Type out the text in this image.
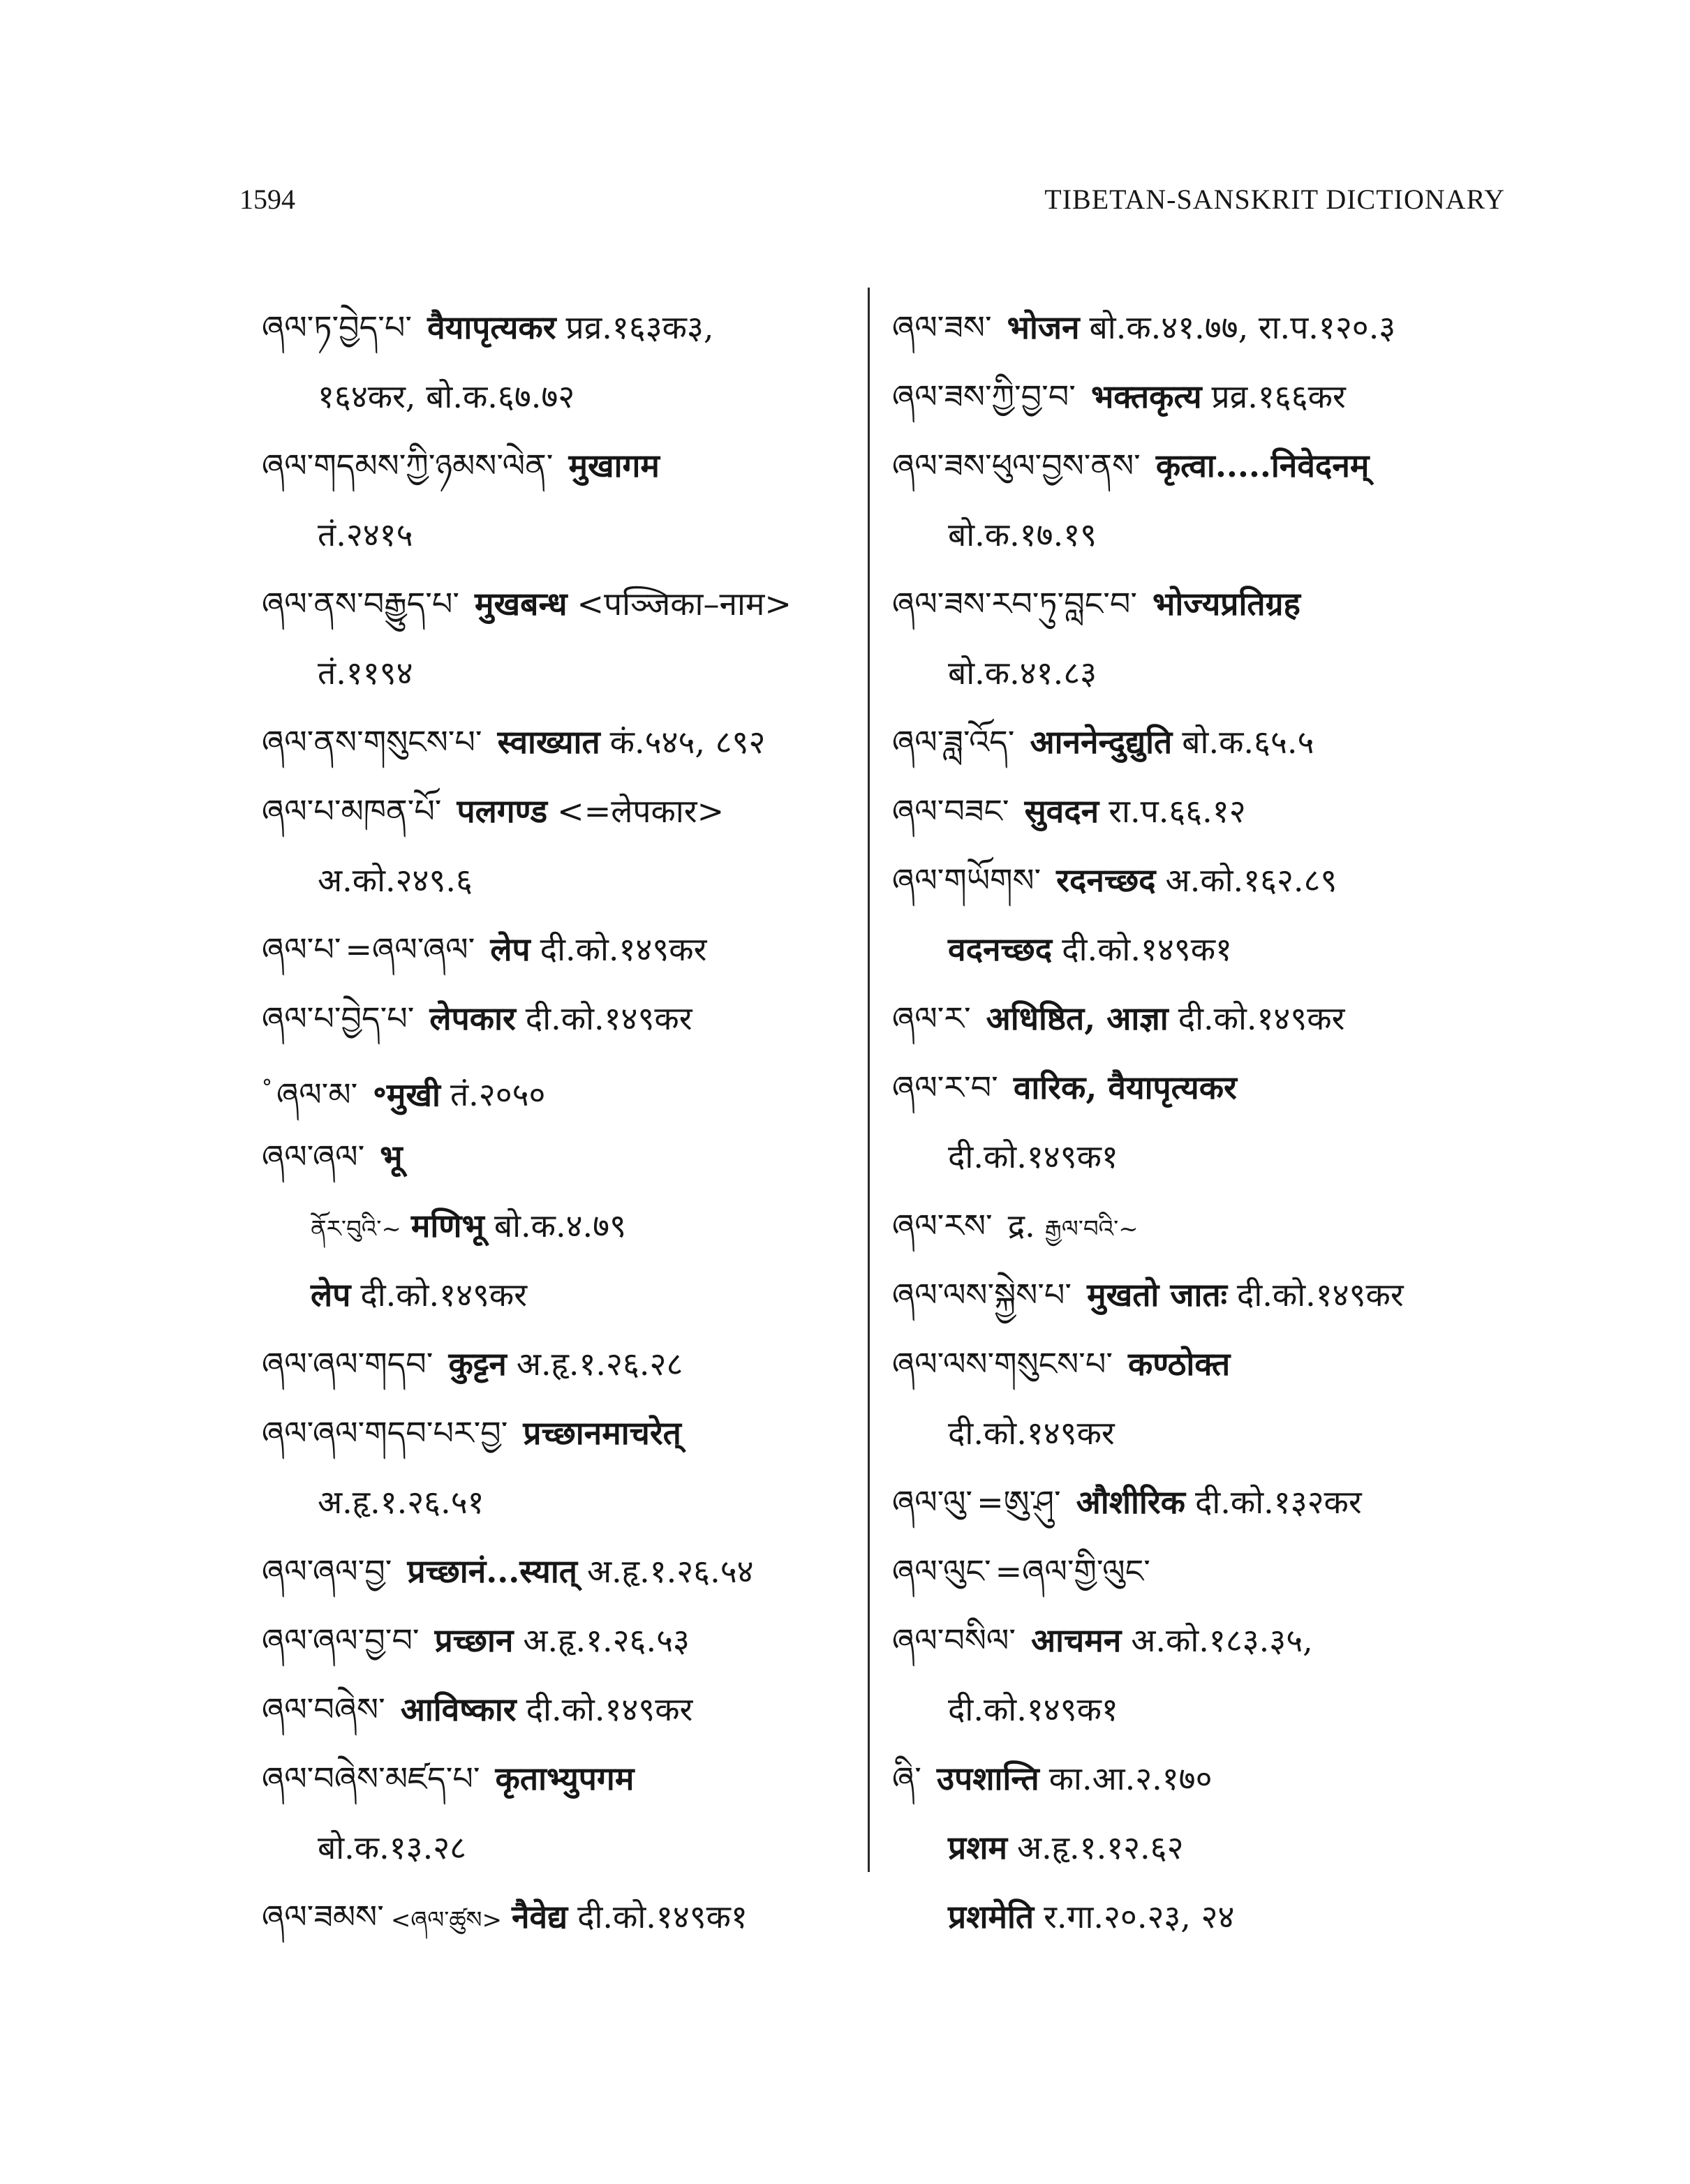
1594	TIBETAN-SANSKRIT DICTIONARY
ཞལ་ཏ་བྱེད་པ་ वैयापृत्यकर प्रव्र.१६३क३,
१६४कर, बो.क.६७.७२
ཞལ་གདམས་ཀྱི་ཉམས་ལེན་ मुखागम
तं.२४१५
ཞལ་ནས་བརྒྱུད་པ་ मुखबन्ध <पञ्जिका–नाम>
तं.११९४
ཞལ་ནས་གསུངས་པ་ स्वाख्यात कं.५४५, ८९२
ཞལ་པ་མཁན་པོ་ पलगण्ड <=लेपकार>
अ.को.२४९.६
ཞལ་པ་ =ཞལ་ཞལ་ लेप दी.को.१४९कर
ཞལ་པ་བྱེད་པ་ लेपकार दी.को.१४९कर
° ཞལ་མ་ ॰मुखी तं.२०५०
ཞལ་ཞལ་ भू
ནོར་བུའི་~ मणिभू बो.क.४.७९
लेप दी.को.१४९कर
ཞལ་ཞལ་གདབ་ कुट्टन अ.हृ.१.२६.२८
ཞལ་ཞལ་གདབ་པར་བྱ་ प्रच्छानमाचरेत्
अ.हृ.१.२६.५१
ཞལ་ཞལ་བྱ་ प्रच्छानं...स्यात् अ.हृ.१.२६.५४
ཞལ་ཞལ་བྱ་བ་ प्रच्छान अ.हृ.१.२६.५३
ཞལ་བཞེས་ आविष्कार दी.को.१४९कर
ཞལ་བཞེས་མཛད་པ་ कृताभ्युपगम
बो.क.१३.२८
ཞལ་ཟམས་ <ཞལ་ཚུས> नैवेद्य दी.को.१४९क१
ཞལ་ཟས་ भोजन बो.क.४१.७७, रा.प.१२०.३
ཞལ་ཟས་ཀྱི་བྱ་བ་ भक्तकृत्य प्रव्र.१६६कर
ཞལ་ཟས་ཕུལ་བྱས་ནས་ कृत्वा.....निवेदनम्
बो.क.१७.१९
ཞལ་ཟས་རབ་ཏུ་བླང་བ་ भोज्यप्रतिग्रह
बो.क.४१.८३
ཞལ་ཟླ་འོད་ आननेन्दुद्युति बो.क.६५.५
ཞལ་བཟང་ सुवदन रा.प.६६.१२
ཞལ་གཡོགས་ रदनच्छद अ.को.१६२.८९
वदनच्छद दी.को.१४९क१
ཞལ་ར་ अधिष्ठित, आज्ञा दी.को.१४९कर
ཞལ་ར་བ་ वारिक, वैयापृत्यकर
दी.को.१४९क१
ཞལ་རས་ द्र. རྒྱལ་བའི་~
ཞལ་ལས་སྐྱེས་པ་ मुखतो जातः दी.को.१४९कर
ཞལ་ལས་གསུངས་པ་ कण्ठोक्त
दी.को.१४९कर
ཞལ་ལུ་ =ཨུ་ཤུ་ औशीरिक दी.को.१३२कर
ཞལ་ལུང་ =ཞལ་གྱི་ལུང་
ཞལ་བསིལ་ आचमन अ.को.१८३.३५,
दी.को.१४९क१
ཞི་ उपशान्ति का.आ.२.१७०
प्रशम अ.हृ.१.१२.६२
प्रशमेति र.गा.२०.२३, २४
